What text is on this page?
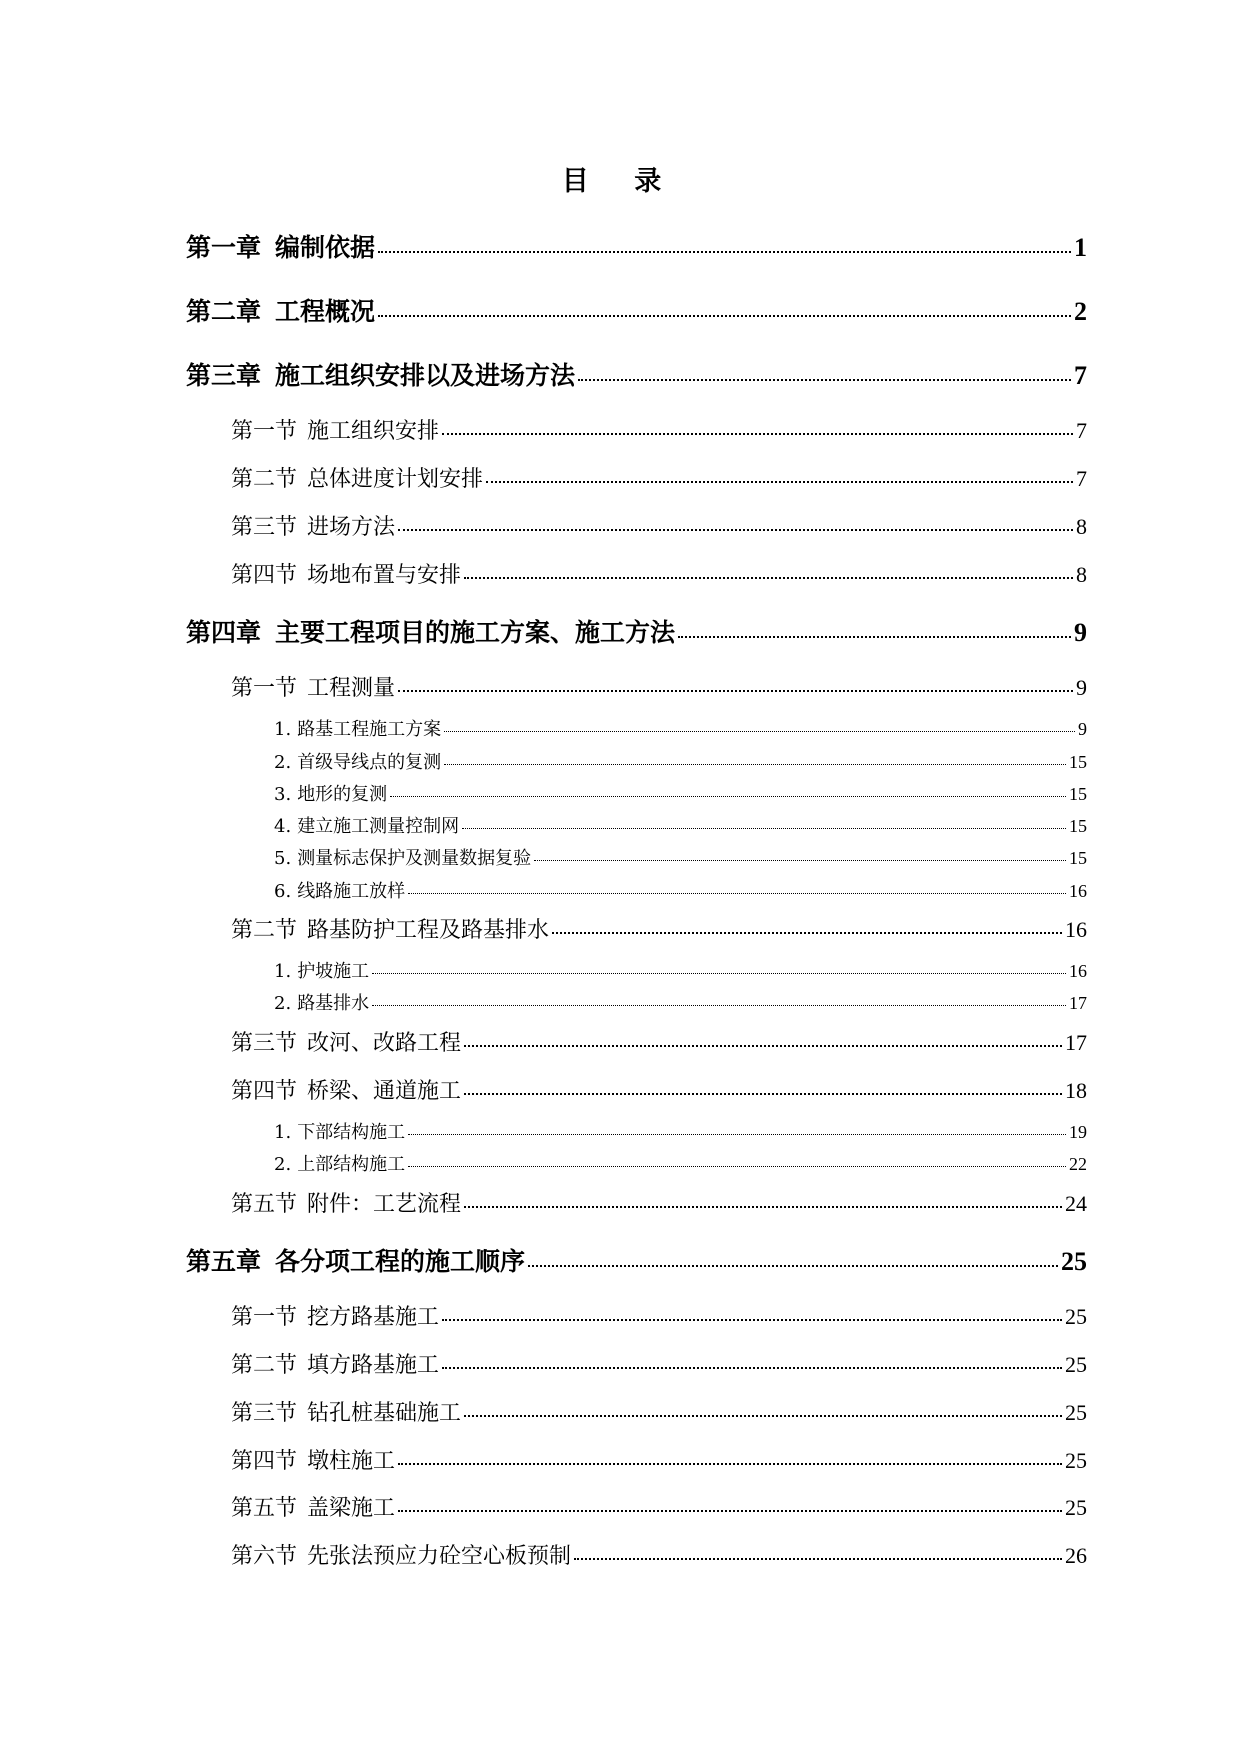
目 录
第一章 编制依据	1
第二章 工程概况	2
第三章 施工组织安排以及进场方法	7
第一节 施工组织安排	7
第二节 总体进度计划安排	7
第三节 进场方法	8
第四节 场地布置与安排	8
第四章 主要工程项目的施工方案、施工方法	9
第一节 工程测量	9
1. 路基工程施工方案	9
2. 首级导线点的复测	15
3. 地形的复测	15
4. 建立施工测量控制网	15
5. 测量标志保护及测量数据复验	15
6. 线路施工放样	16
第二节 路基防护工程及路基排水	16
1. 护坡施工	16
2. 路基排水	17
第三节 改河、改路工程	17
第四节 桥梁、通道施工	18
1. 下部结构施工	19
2. 上部结构施工	22
第五节 附件：工艺流程	24
第五章 各分项工程的施工顺序	25
第一节 挖方路基施工	25
第二节 填方路基施工	25
第三节 钻孔桩基础施工	25
第四节 墩柱施工	25
第五节 盖梁施工	25
第六节 先张法预应力砼空心板预制	26
